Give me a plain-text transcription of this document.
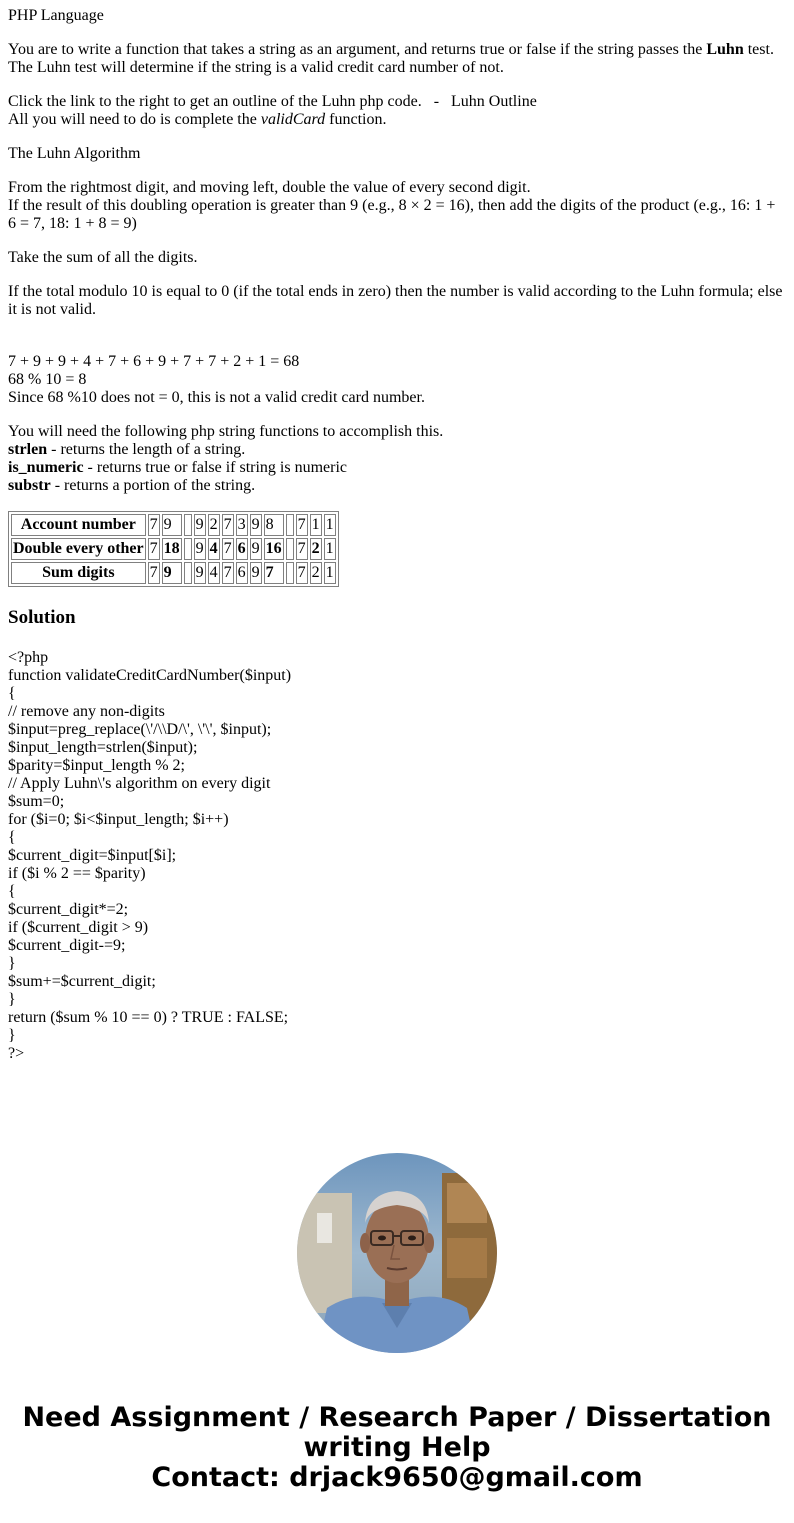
PHP Language

You are to write a function that takes a string as an argument, and returns true or false if the string passes the Luhn test.
The Luhn test will determine if the string is a valid credit card number of not.

Click the link to the right to get an outline of the Luhn php code.   -   Luhn Outline
All you will need to do is complete the validCard function.

The Luhn Algorithm

From the rightmost digit, and moving left, double the value of every second digit.
If the result of this doubling operation is greater than 9 (e.g., 8 × 2 = 16), then add the digits of the product (e.g., 16: 1 + 6 = 7, 18: 1 + 8 = 9)

Take the sum of all the digits.

If the total modulo 10 is equal to 0 (if the total ends in zero) then the number is valid according to the Luhn formula; else it is not valid.

7 + 9 + 9 + 4 + 7 + 6 + 9 + 7 + 7 + 2 + 1 = 68
68 % 10 = 8
Since 68 %10 does not = 0, this is not a valid credit card number.

You will need the following php string functions to accomplish this.
strlen - returns the length of a string.
is_numeric - returns true or false if string is numeric
substr - returns a portion of the string.

Account number	7	9		9	2	7	3	9	8		7	1	1
Double every other	7	18		9	4	7	6	9	16		7	2	1
Sum digits	7	9		9	4	7	6	9	7		7	2	1
Solution
<?php
function validateCreditCardNumber($input)
{
// remove any non-digits
$input=preg_replace(\'/\\D/\', \'\', $input);
$input_length=strlen($input);
$parity=$input_length % 2;
// Apply Luhn\'s algorithm on every digit
$sum=0;
for ($i=0; $i<$input_length; $i++)
{
$current_digit=$input[$i];
if ($i % 2 == $parity)
{
$current_digit*=2;
if ($current_digit > 9)
$current_digit-=9;
}
$sum+=$current_digit;
}
return ($sum % 10 == 0) ? TRUE : FALSE;
}
?>
Need Assignment / Research Paper / Dissertation writing Help
Contact: drjack9650@gmail.com
